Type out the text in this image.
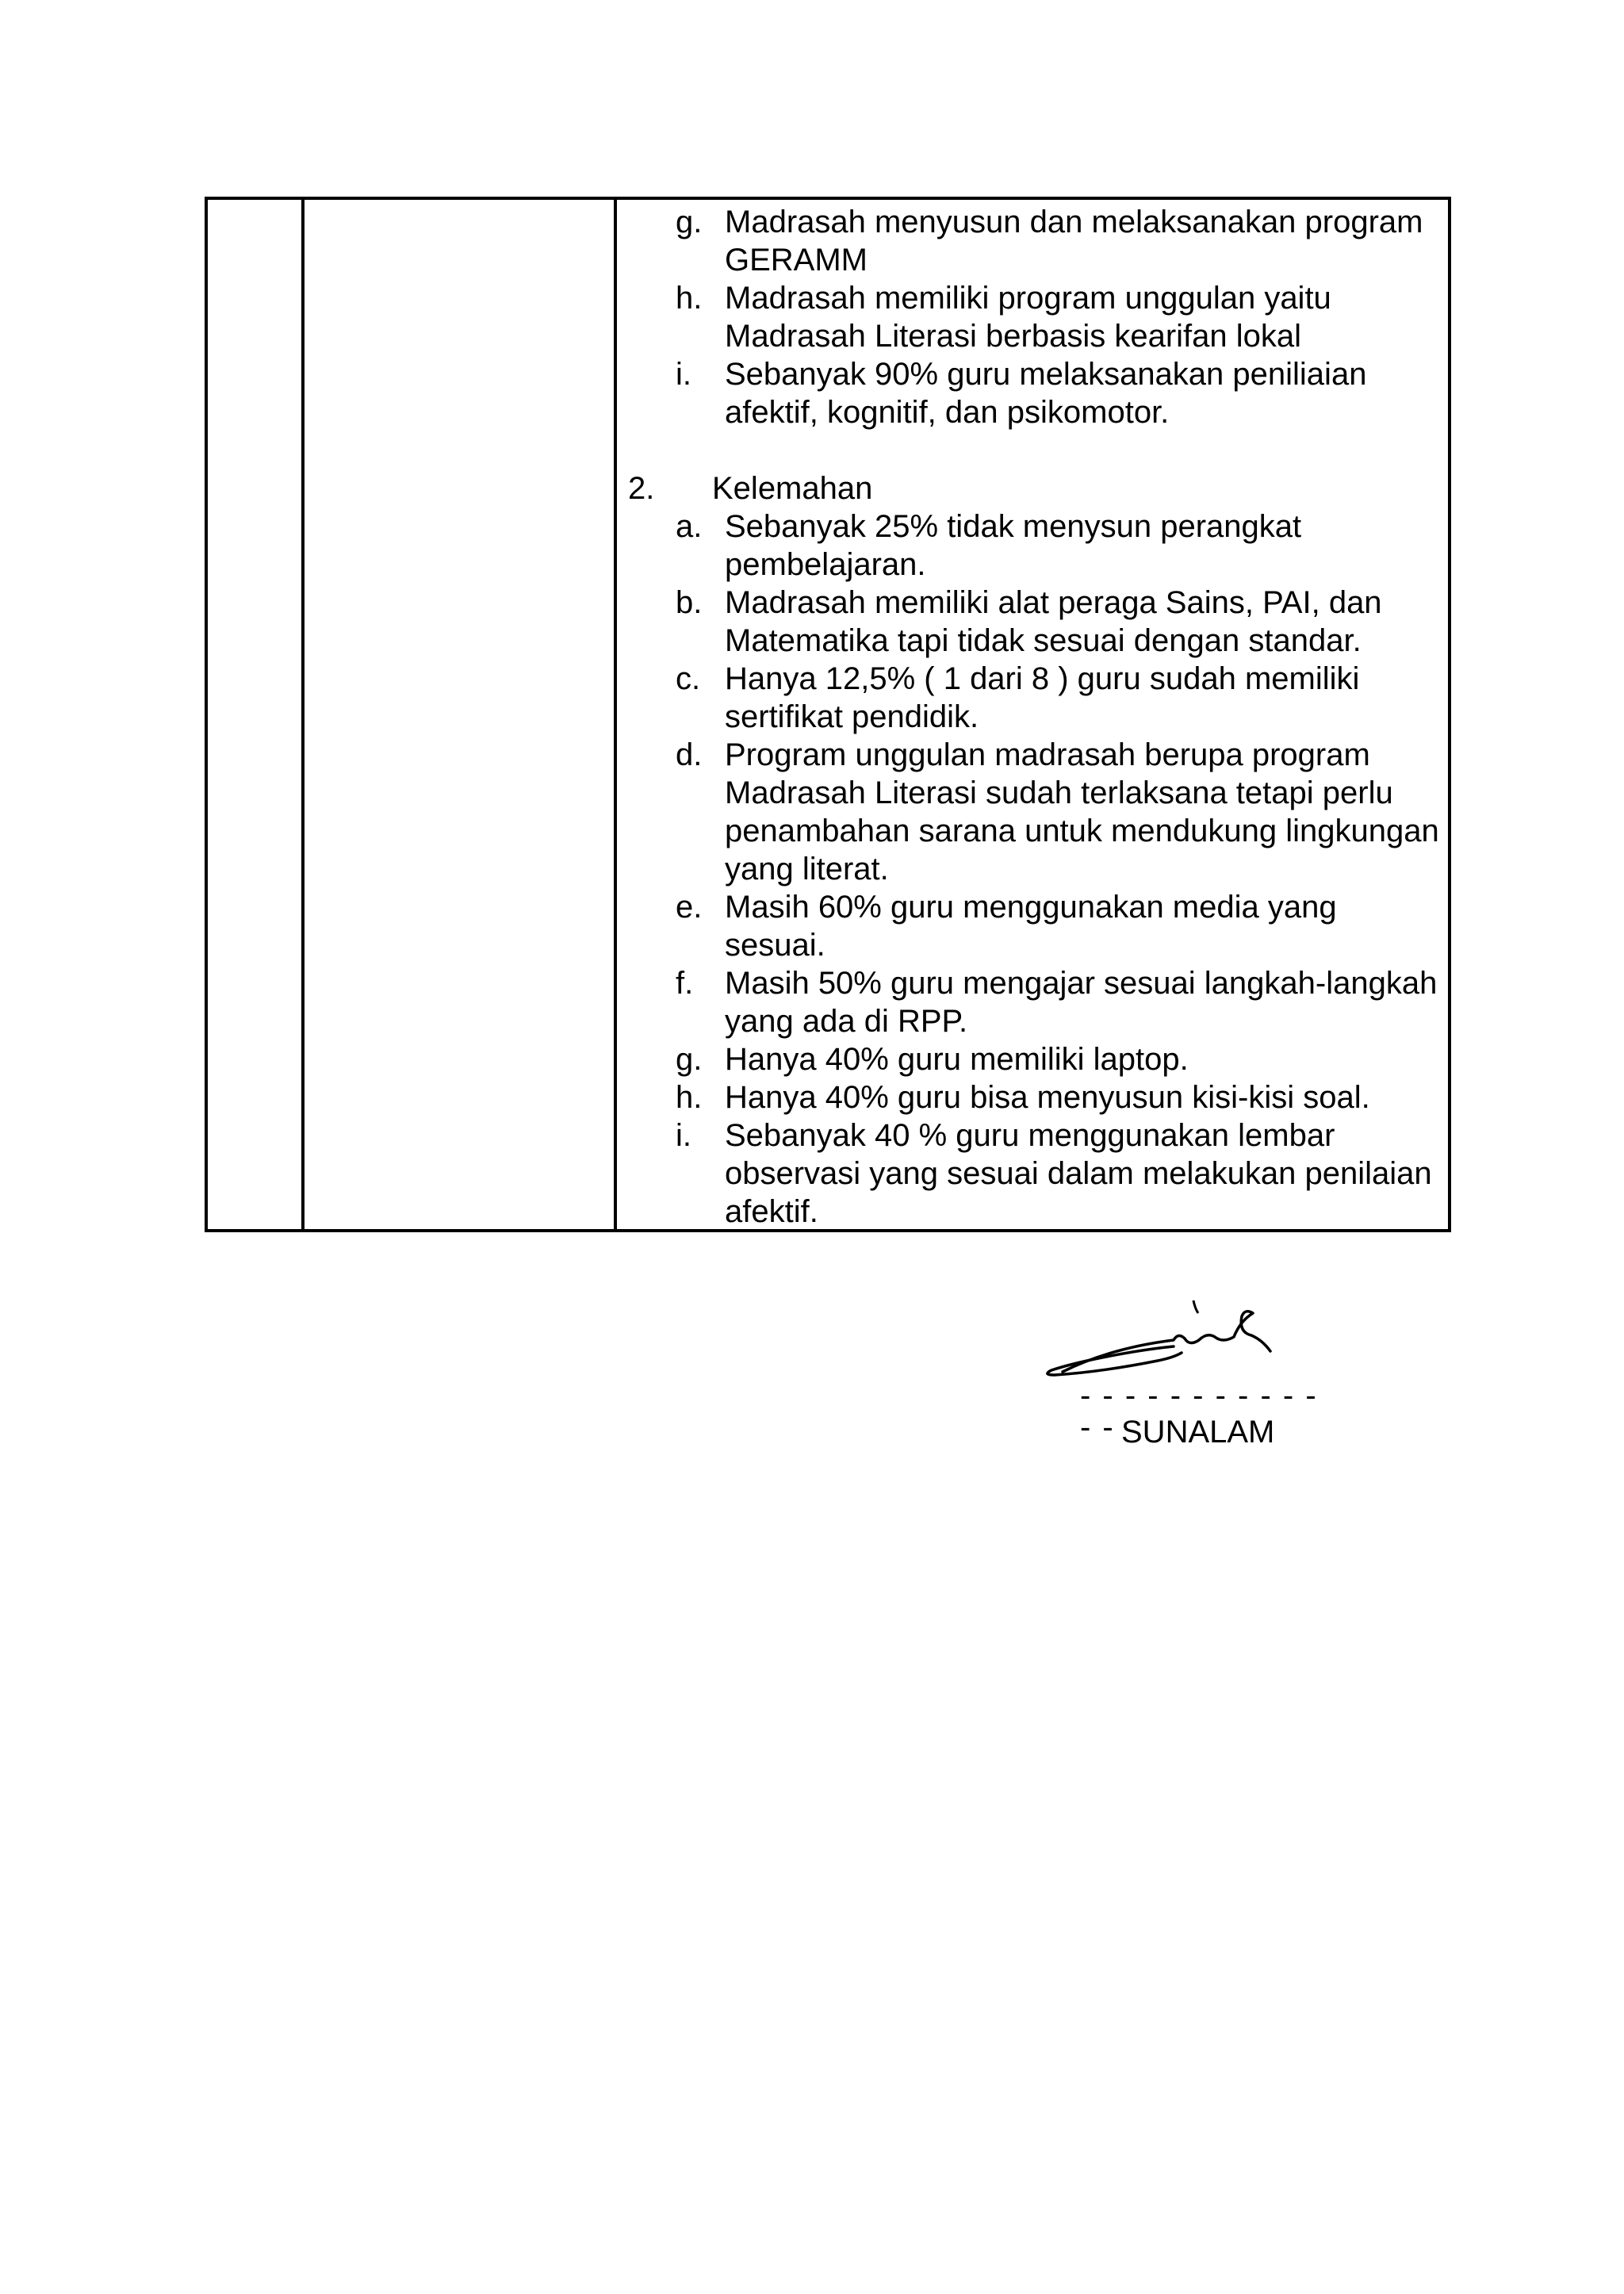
g. Madrasah menyusun dan melaksanakan program GERAMM
h. Madrasah memiliki program unggulan yaitu Madrasah Literasi berbasis kearifan lokal
i.	Sebanyak 90% guru melaksanakan peniliaian afektif, kognitif, dan psikomotor.
2.	Kelemahan
a. Sebanyak 25% tidak menysun perangkat pembelajaran.
b. Madrasah memiliki alat peraga Sains, PAI, dan Matematika tapi tidak sesuai dengan standar.
c. Hanya 12,5% ( 1 dari 8 ) guru sudah memiliki sertifikat pendidik.
d. Program unggulan madrasah berupa program Madrasah Literasi sudah terlaksana tetapi perlu penambahan sarana untuk mendukung lingkungan yang literat.
e. Masih 60% guru menggunakan media yang sesuai.
f. Masih 50% guru mengajar sesuai langkah-langkah yang ada di RPP.
g. Hanya 40% guru memiliki laptop.
h. Hanya 40% guru bisa menyusun kisi-kisi soal.
i.	Sebanyak 40 % guru menggunakan lembar observasi yang sesuai dalam melakukan penilaian afektif.
- - - - - - - - - - - - - SUNALAM
